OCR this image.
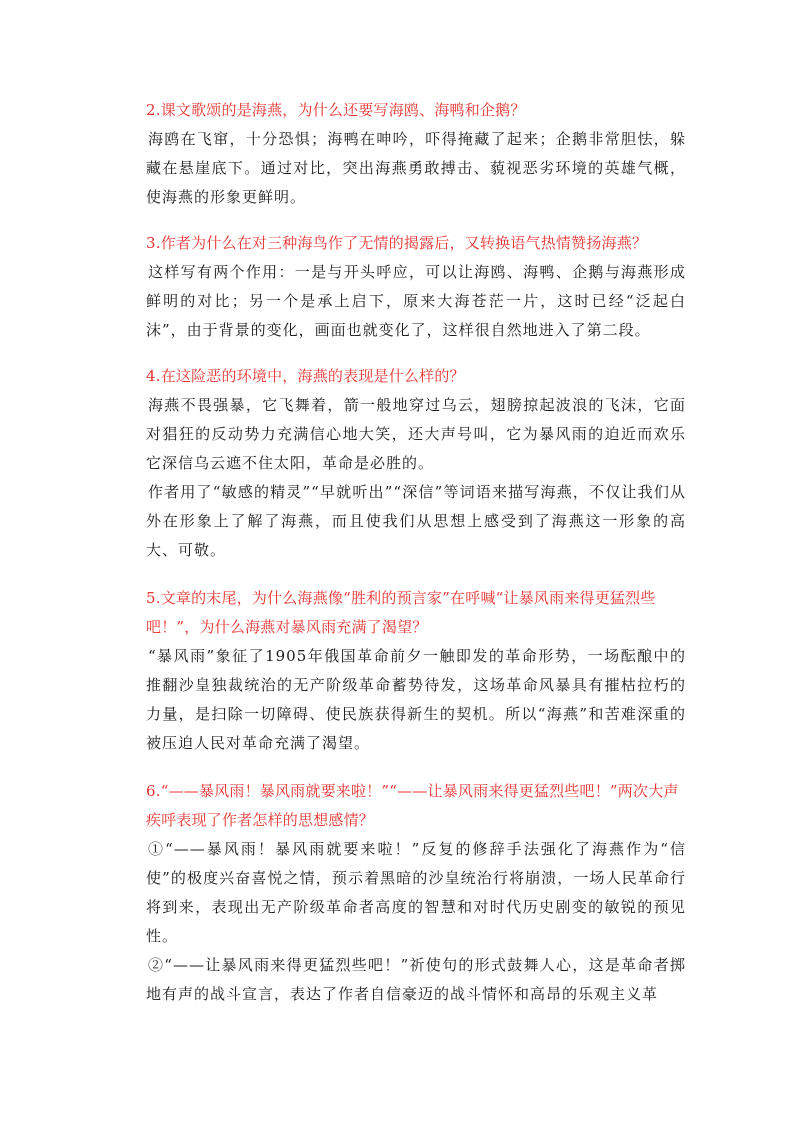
2.课文歌颂的是海燕，为什么还要写海鸥、海鸭和企鹅？

海鸥在飞窜，十分恐惧；海鸭在呻吟，吓得掩藏了起来；企鹅非常胆怯，躲藏在悬崖底下。通过对比，突出海燕勇敢搏击、藐视恶劣环境的英雄气概，使海燕的形象更鲜明。

3.作者为什么在对三种海鸟作了无情的揭露后，又转换语气热情赞扬海燕？

这样写有两个作用：一是与开头呼应，可以让海鸥、海鸭、企鹅与海燕形成鲜明的对比；另一个是承上启下，原来大海苍茫一片，这时已经“泛起白沫”，由于背景的变化，画面也就变化了，这样很自然地进入了第二段。

4.在这险恶的环境中，海燕的表现是什么样的？

海燕不畏强暴，它飞舞着，箭一般地穿过乌云，翅膀掠起波浪的飞沫，它面对猖狂的反动势力充满信心地大笑，还大声号叫，它为暴风雨的迫近而欢乐它深信乌云遮不住太阳，革命是必胜的。

作者用了“敏感的精灵”“早就听出”“深信”等词语来描写海燕，不仅让我们从外在形象上了解了海燕，而且使我们从思想上感受到了海燕这一形象的高大、可敬。

5.文章的末尾，为什么海燕像“胜利的预言家”在呼喊“让暴风雨来得更猛烈些吧！”，为什么海燕对暴风雨充满了渴望？

“暴风雨”象征了1905年俄国革命前夕一触即发的革命形势，一场酝酿中的推翻沙皇独裁统治的无产阶级革命蓄势待发，这场革命风暴具有摧枯拉朽的力量，是扫除一切障碍、使民族获得新生的契机。所以“海燕”和苦难深重的被压迫人民对革命充满了渴望。

6.“——暴风雨！暴风雨就要来啦！”“——让暴风雨来得更猛烈些吧！”两次大声疾呼表现了作者怎样的思想感情？

①“——暴风雨！暴风雨就要来啦！”反复的修辞手法强化了海燕作为“信使”的极度兴奋喜悦之情，预示着黑暗的沙皇统治行将崩溃，一场人民革命行将到来，表现出无产阶级革命者高度的智慧和对时代历史剧变的敏锐的预见性。

②“——让暴风雨来得更猛烈些吧！”祈使句的形式鼓舞人心，这是革命者掷地有声的战斗宣言，表达了作者自信豪迈的战斗情怀和高昂的乐观主义革
